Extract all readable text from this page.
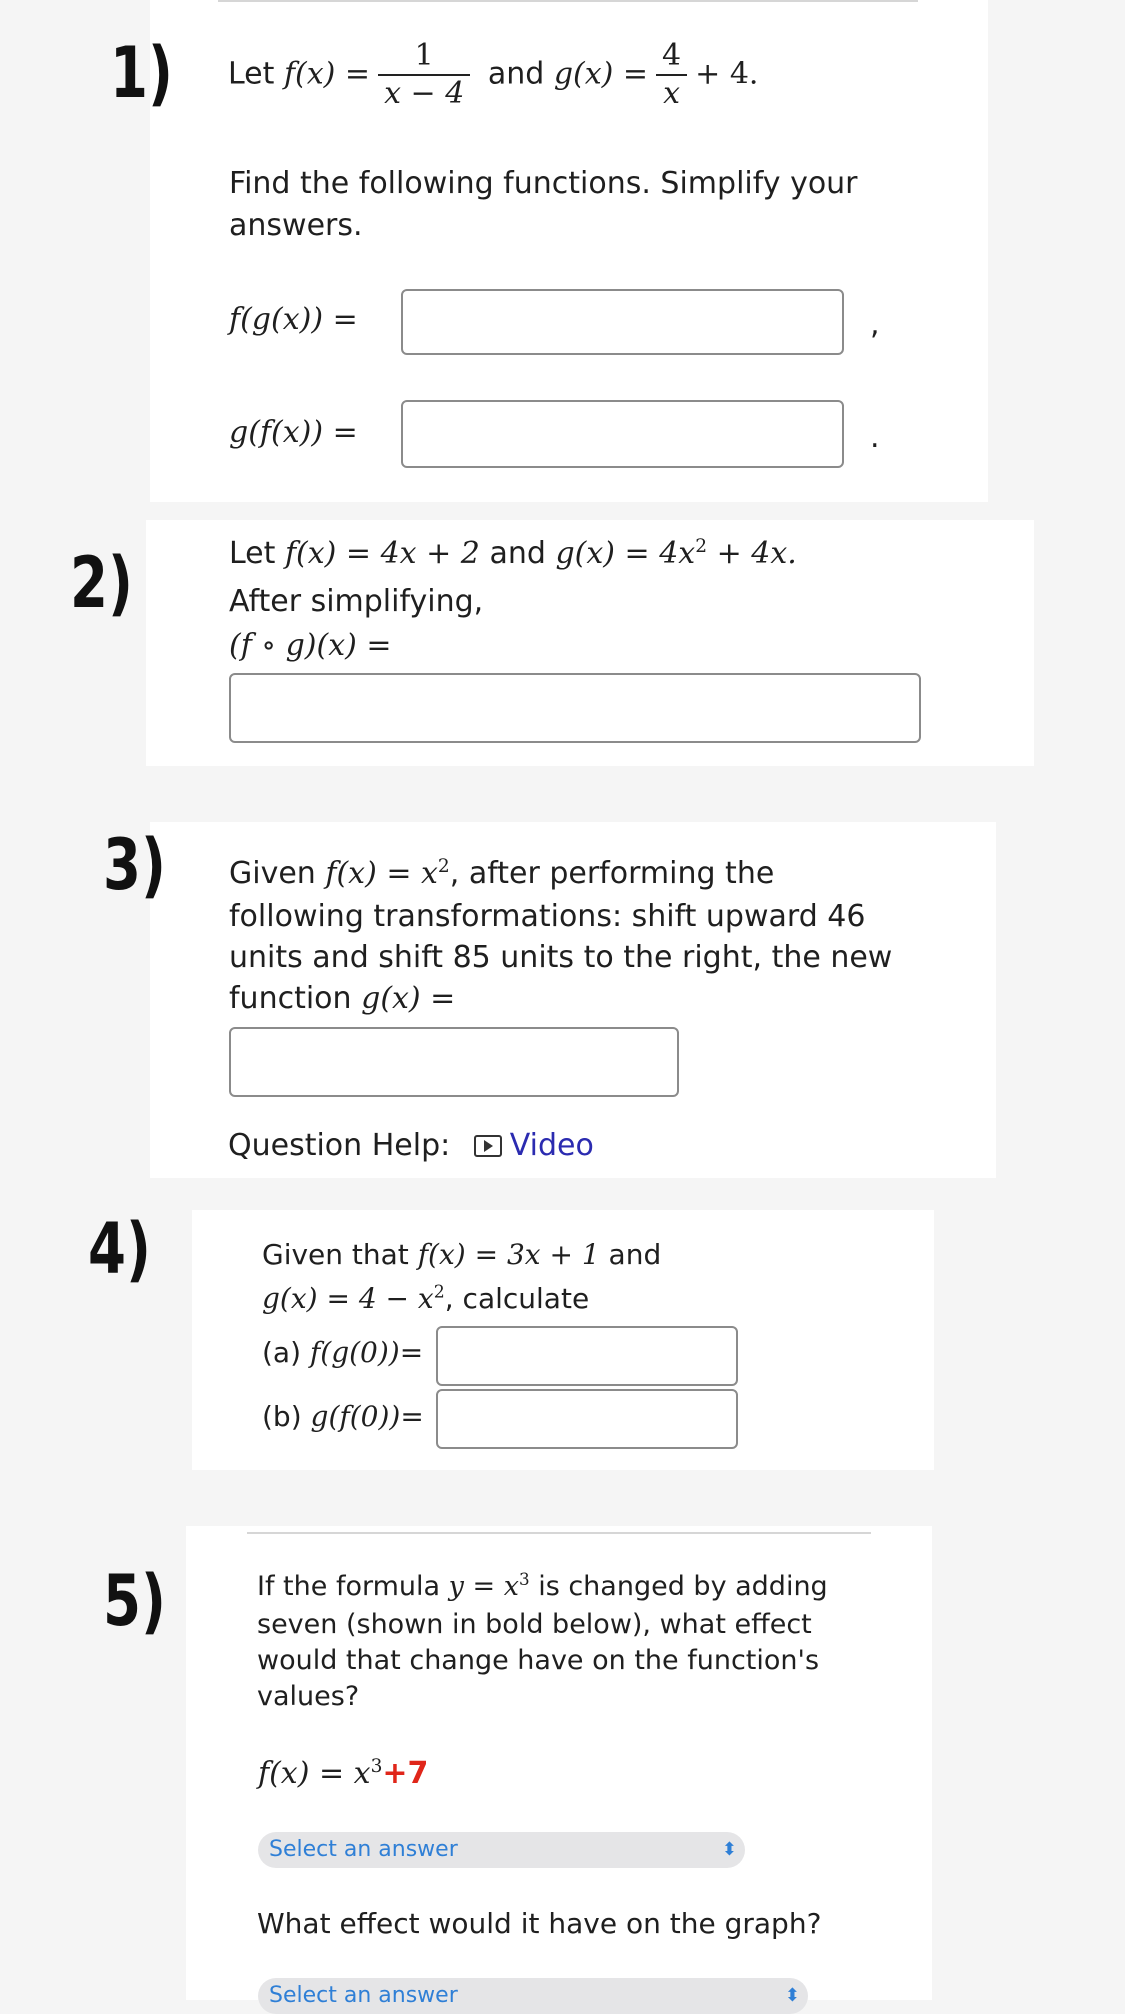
1) Let $f(x) = \frac{1}{x - 4}$ and $g(x) = \frac{4}{x} + 4$.
Find the following functions. Simplify your
answers.
f(g(x)) =	,
g(f(x)) =	.
2)	Let f(x) = 4x + 2 and $g(x) = 4x^2 + 4x$.
After simplifying,
(f ∘ g)(x) =
3) Given $f(x) = x^2$, after performing the
following transformations: shift upward 46
units and shift 85 units to the right, the new
function g(x) =
Question Help: Video
4)	Given that f(x) = 3x + 1 and
$g(x) = 4 - x^2$, calculate
(a) f(g(0))=
(b) g(f(0))=
5)	If the formula $y = x^3$ is changed by adding
seven (shown in bold below), what effect
would that change have on the function's
values?
$f(x) = x^3+7$
Select an answer	⬍
What effect would it have on the graph?
Select an answer	⬍
